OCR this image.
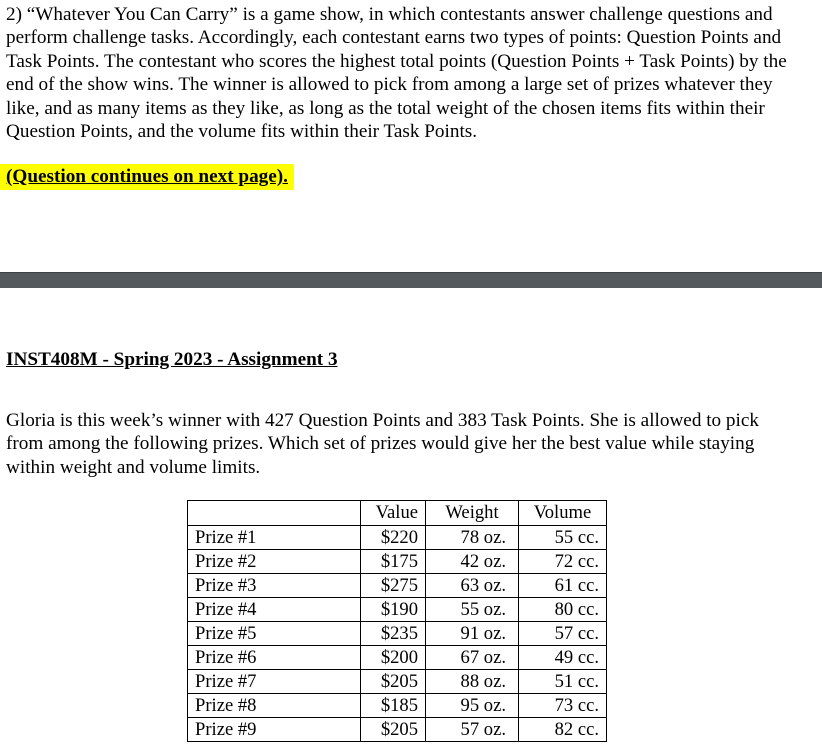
2) “Whatever You Can Carry” is a game show, in which contestants answer challenge questions and perform challenge tasks. Accordingly, each contestant earns two types of points: Question Points and Task Points. The contestant who scores the highest total points (Question Points + Task Points) by the end of the show wins. The winner is allowed to pick from among a large set of prizes whatever they like, and as many items as they like, as long as the total weight of the chosen items fits within their Question Points, and the volume fits within their Task Points.

(Question continues on next page).
INST408M - Spring 2023 - Assignment 3

Gloria is this week’s winner with 427 Question Points and 383 Task Points. She is allowed to pick from among the following prizes. Which set of prizes would give her the best value while staying within weight and volume limits.

	Value	Weight	Volume
Prize #1	$220	78 oz.	55 cc.
Prize #2	$175	42 oz.	72 cc.
Prize #3	$275	63 oz.	61 cc.
Prize #4	$190	55 oz.	80 cc.
Prize #5	$235	91 oz.	57 cc.
Prize #6	$200	67 oz.	49 cc.
Prize #7	$205	88 oz.	51 cc.
Prize #8	$185	95 oz.	73 cc.
Prize #9	$205	57 oz.	82 cc.
